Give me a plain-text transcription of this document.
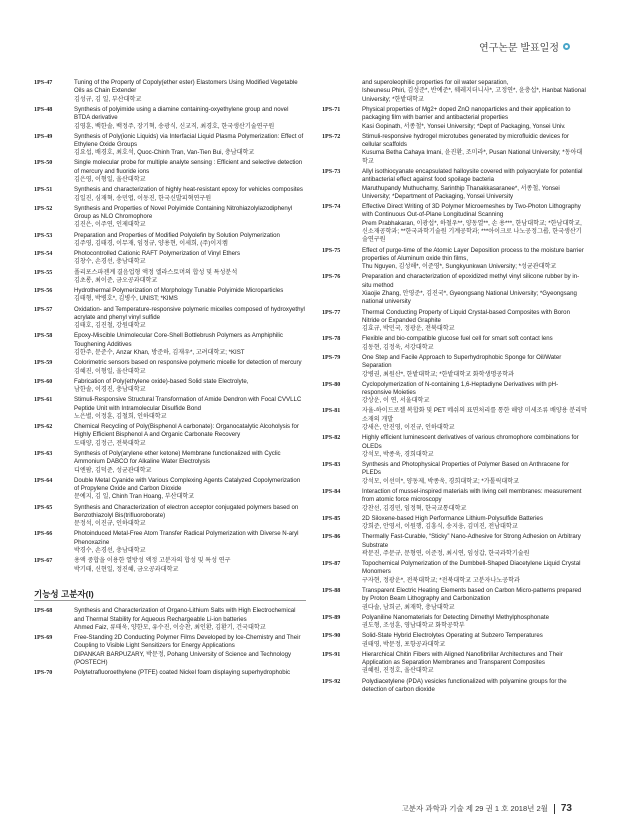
연구논문 발표일정
1PS-47	Tuning of the Property of Copoly(ether ester) Elastomers Using Modified Vegetable Oils as Chain Extender
김성규, 김 일, 부산대학교
1PS-48	Synthesis of polyimide using a diamine containing-oxyethylene group and novel BTDA derivative
김영훈, 백한솔, 백정주, 장기혁, 송광식, 신교직, 최경호, 한국생산기술연구원
1PS-49	Synthesis of Poly(ionic Liquids) via Interfacial Liquid Plasma Polymerization: Effect of Ethylene Oxide Groups
김요섭, 배경호, 최호석, Quoc-Chinh Tran, Van-Tien Bui, 충남대학교
1PS-50	Single molecular probe for multiple analyte sensing : Efficient and selective detection of mercury and fluoride ions
김은영, 이형일, 울산대학교
1PS-51	Synthesis and characterization of highly heat-resistant epoxy for vehicles composites
김일진, 심재혁, 송민엽, 이동진, 한국신발피혁연구원
1PS-52	Synthesis and Properties of Novel Polyimide Containing Nitrohiazolylazodiphenyl Group as NLO Chromophore
김진은, 이주연, 인제대학교
1PS-53	Preparation and Properties of Modified Polyolefin by Solution Polymerization
김주영, 김태경, 이무재, 임정규, 양용현, 이세희, (주)이지켐
1PS-54	Photocontrolled Cationic RAFT Polymerization of Vinyl Ethers
김창수, 손경선, 충남대학교
1PS-55	폴리포스파젠계 결음업형 액정 엘라스토머의 합성 및 특성분석
김초롱, 최이준, 금오공과대학교
1PS-56	Hydrothermal Polymerization of Morphology Tunable Polyimide Microparticles
김태형, 박병호*, 김병수, UNIST; *KIMS
1PS-57	Oxidation- and Temperature-responsive polymeric micelles composed of hydroxyethyl acrylate and phenyl vinyl sulfide
김태호, 김진철, 강원대학교
1PS-58	Epoxy-Miscible Unimolecular Core-Shell Bottlebrush Polymers as Amphiphilic Toughening Additives
김한주, 문준수, Anzar Khan, 방준하, 김재우*, 고려대학교; *KIST
1PS-59	Colorimetric sensors based on responsive polymeric micelle for detection of mercury
김혜진, 이형일, 울산대학교
1PS-60	Fabrication of Poly(ethylene oxide)-based Solid state Electrolyte,
남한솔, 이경진, 충남대학교
1PS-61	Stimuli-Responsive Structural Transformation of Amide Dendron with Focal CVVLLC Peptide Unit with Intramolecular Disulfide Bond
노은별, 이정훈, 김철희, 인하대학교
1PS-62	Chemical Recycling of Poly(Bisphenol A carbonate): Organocatalytic Alcoholysis for Highly Efficient Bisphenol A and Organic Carbonate Recovery
도태양, 김정근, 전북대학교
1PS-63	Synthesis of Poly(arylene ether ketone) Membrane functionalized with Cyclic Ammonium DABCO for Alkaline Water Electrolysis
디엔팜, 김덕준, 성균관대학교
1PS-64	Double Metal Cyanide with Various Complexing Agents Catalyzed Copolymerization of Propylene Oxide and Carbon Dioxide
문예지, 김 일, Chinh Tran Hoang, 부산대학교
1PS-65	Synthesis and Characterization of electron acceptor conjugated polymers based on Benzothiazolyl Bis(trifluoroborate)
문정석, 이진규, 인하대학교
1PS-66	Photoinduced Metal-Free Atom Transfer Radical Polymerization with Diverse N-aryl Phenoxazine
박경수, 손경선, 충남대학교
1PS-67	용액 중합을 이용한 열방성 액정 고분자의 합성 및 특성 연구
박기태, 신현일, 정진혜, 금오공과대학교
기능성 고분자(I)
1PS-68	Synthesis and Characterization of Organo-Lithium Salts with High Electrochemical and Thermal Stability for Aqueous Rechargeable Li-ion batteries
Ahmed Faiz, 류태욱, 양한모, 유수진, 이승찬, 최인환, 김환기, 건국대학교
1PS-69	Free-Standing 2D Conducting Polymer Films Developed by Ice-Chemistry and Their Coupling to Visible Light Sensitizers for Energy Applications
DIPANKAR BARPUZARY, 박문정, Pohang University of Science and Technology (POSTECH)
1PS-70	Polytetrafluoroethylene (PTFE) coated Nickel foam displaying superhydrophobic
and superoleophilic properties for oil water separation,
Isheunesu Phiri, 김성준*, 반예준*, 웨레지더니사*, 고정연*, 윤충섭*, Hanbat National University; *한밭대학교
1PS-71	Physical properties of Mg2+ doped ZnO nanoparticles and their application to packaging film with barrier and antibacterial properties
Kasi Gopinath, 서종철*, Yonsei University; *Dept of Packaging, Yonsei Univ.
1PS-72	Stimuli-responsive hydrogel microtubes generated by microfluidic devices for cellular scaffolds
Kusuma Betha Cahaya Imani, 윤진환, 조미라*, Pusan National University; *동아대학교
1PS-73	Allyl isothiocyanate encapsulated halloysite covered with polyacrylate for potential antibacterial effect against food spoilage bacteria
Maruthupandy Muthuchamy, Sarinthip Thanakkasaranee*, 서종철, Yonsei University; *Department of Packaging, Yonsei University
1PS-74	Effective Direct Writing of 3D Polymer Microemeshes by Two-Photon Lithography with Continuous Out-of-Plane Longitudinal Scanning
Prem Prabhakaran, 이광섭*, 하철우**, 양동열**, 손 용***, 한남대학교; *한남대학교, 신소재공학과; **한국과학기술원 기계공학과; ***아이크로 나노공정그룹, 한국생산기술연구원
1PS-75	Effect of purge-time of the Atomic Layer Deposition process to the moisture barrier properties of Aluminum oxide thin films,
Thu Nguyen, 김성해*, 이준영*, Sungkyunkwan University; *성균관대학교
1PS-76	Preparation and characterization of epoxidized methyl vinyl silicone rubber by in-situ method
Xiaojie Zhang, 안영준*, 김진국*, Gyeongsang National University; *Gyeongsang national university
1PS-77	Thermal Conducting Property of Liquid Crystal-based Composites with Boron Nitride or Expanded Graphite
김효규, 박민국, 정광운, 전북대학교
1PS-78	Flexible and bio-compatible glucose fuel cell for smart soft contact lens
김동현, 김정욱, 서강대학교
1PS-79	One Step and Facile Approach to Superhydrophobic Sponge for Oil/Water Separation
강병권, 최원산*, 한밭대학교; *한밭대학교 화학생명공학과
1PS-80	Cyclopolymerization of N-containing 1,6-Heptadiyne Derivatives with pH-responsive Moieties
강상운, 이 연, 서울대학교
1PS-81	자율-하이드로젤 복합화 및 PET 메쉬의 표면처리를 통한 해양 미세조류 배양용 분리막 소재의 개발
강새은, 안진영, 이진규, 인하대학교
1PS-82	Highly efficient luminescent derivatives of various chromophore combinations for OLEDs
강석모, 박종욱, 경희대학교
1PS-83	Synthesis and Photophysical Properties of Polymer Based on Anthracene for PLEDs
강석모, 이선미*, 양동제, 박종욱, 경희대학교; *가톨릭대학교
1PS-84	Interaction of mussel-inspired materials with living cell membranes: measurement from atomic force microscopy
강찬선, 김경민, 임정혁, 한국교통대학교
1PS-85	2D Siloxene-based High Performance Lithium-Polysulfide Batteries
강희준, 안영서, 이원행, 김흥식, 송지웅, 김미진, 전남대학교
1PS-86	Thermally Fast-Curable, “Sticky” Nano-Adhesive for Strong Adhesion on Arbitrary Substrate
곽문진, 주문규, 문형연, 이준정, 최시연, 임성갑, 한국과학기술원
1PS-87	Topochemical Polymerization of the Dumbbell-Shaped Diacetylene Liquid Crystal Monomers
구자현, 정광운*, 전북대학교; *전북대학교 고분자나노공학과
1PS-88	Transparent Electric Heating Elements based on Carbon Micro-patterns prepared by Proton Beam Lithography and Carbonization
권다솔, 남희군, 최재학, 충남대학교
1PS-89	Polyaniline Nanomaterials for Detecting Dimethyl Methylphosphonate
권도형, 조성훈, 영남대학교 화학공학부
1PS-90	Solid-State Hybrid Electrolytes Operating at Subzero Temperatures
권태영, 박문정, 포항공과대학교
1PS-91	Hierarchical Chitin Fibers with Aligned Nanofibrillar Architectures and Their Application as Separation Membranes and Transparent Composites
권혜원, 진정호, 울산대학교
1PS-92	Polydiacetylene (PDA) vesicles functionalized with polyamine groups for the detection of carbon dioxide
고분자 과학과 기술 제 29 권 1 호 2018년 2월 73
